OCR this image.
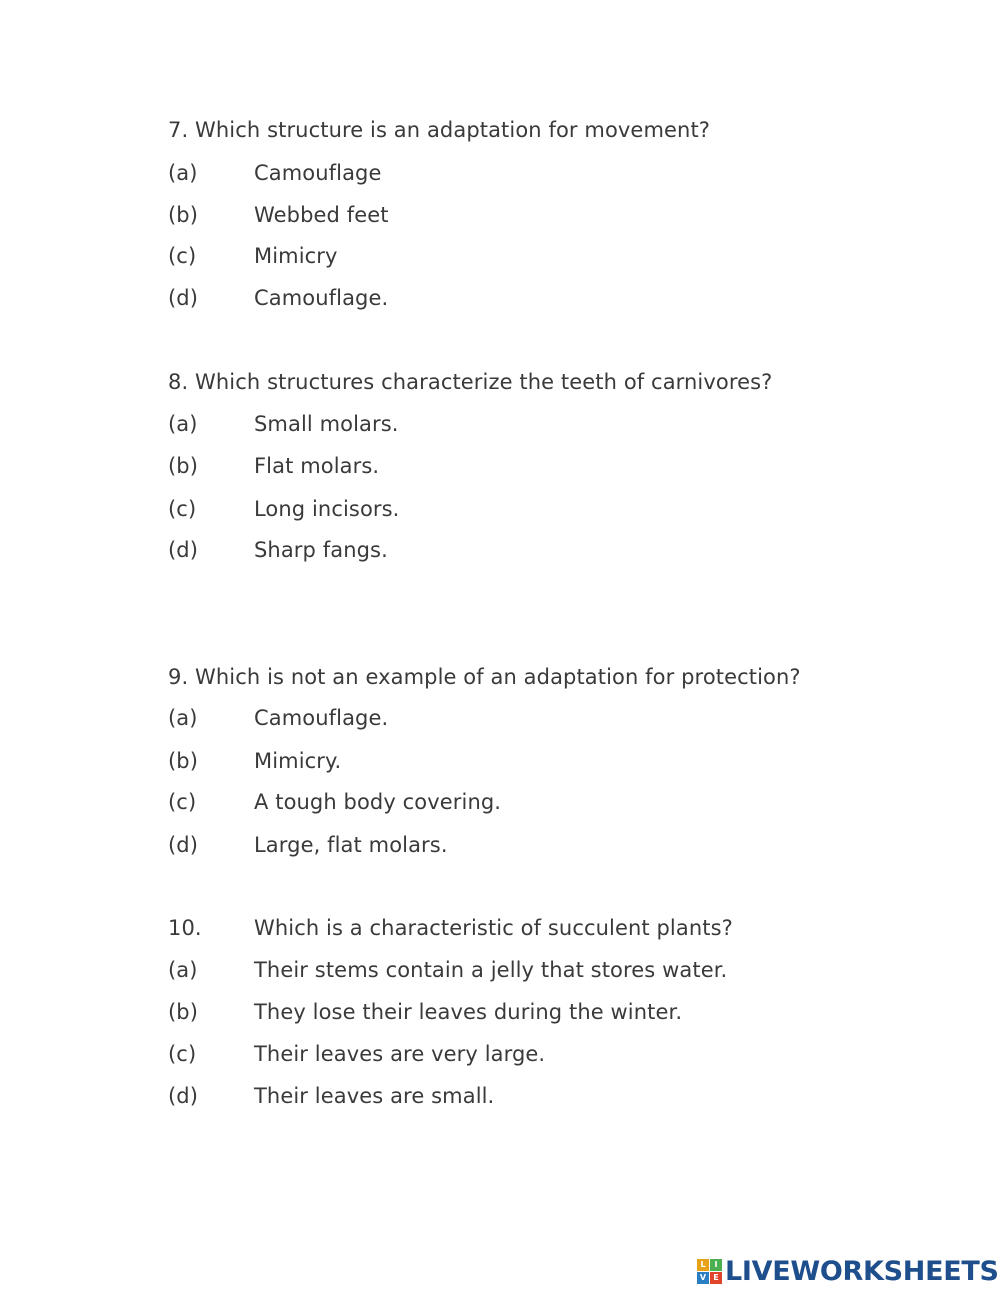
7. Which structure is an adaptation for movement?
(a)	Camouflage
(b)	Webbed feet
(c)	Mimicry
(d)	Camouflage.
8. Which structures characterize the teeth of carnivores?
(a)	Small molars.
(b)	Flat molars.
(c)	Long incisors.
(d)	Sharp fangs.
9. Which is not an example of an adaptation for protection?
(a)	Camouflage.
(b)	Mimicry.
(c)	A tough body covering.
(d)	Large, flat molars.
10. Which is a characteristic of succulent plants?
(a)	Their stems contain a jelly that stores water.
(b)	They lose their leaves during the winter.
(c)	Their leaves are very large.
(d)	Their leaves are small.
L	I
V E LIVEWORKSHEETS
